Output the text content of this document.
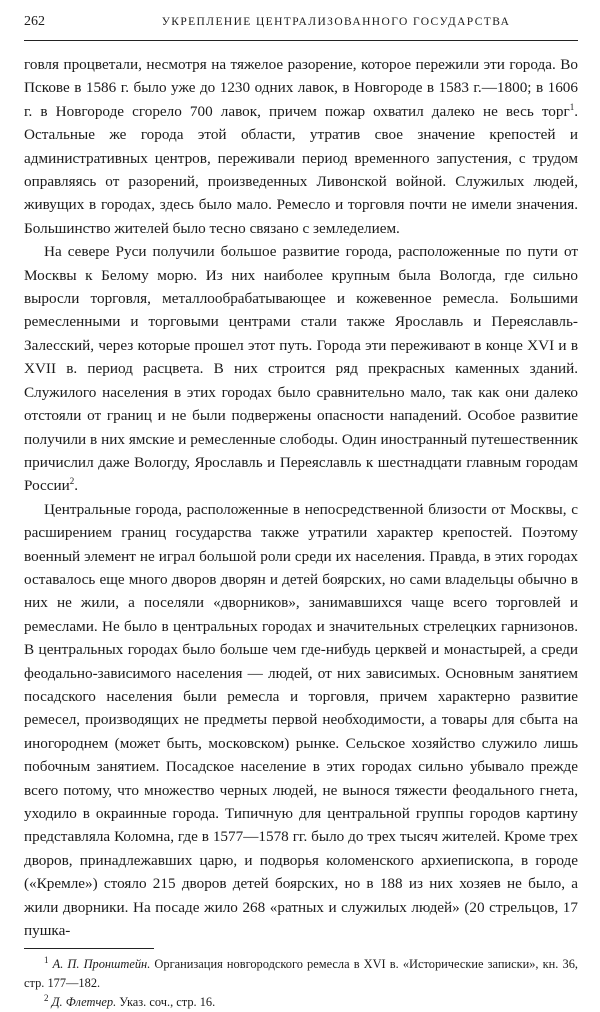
262	УКРЕПЛЕНИЕ ЦЕНТРАЛИЗОВАННОГО ГОСУДАРСТВА

говля процветали, несмотря на тяжелое разорение, которое пережили эти города. Во Пскове в 1586 г. было уже до 1230 одних лавок, в Новгороде в 1583 г.—1800; в 1606 г. в Новгороде сгорело 700 лавок, причем пожар охватил далеко не весь торг$^1$. Остальные же города этой области, утратив свое значение крепостей и административных центров, переживали период временного запустения, с трудом оправляясь от разорений, произведенных Ливонской войной. Служилых людей, живущих в городах, здесь было мало. Ремесло и торговля почти не имели значения. Большинство жителей было тесно связано с земледелием.

На севере Руси получили большое развитие города, расположенные по пути от Москвы к Белому морю. Из них наиболее крупным была Вологда, где сильно выросли торговля, металлообрабатывающее и кожевенное ремесла. Большими ремесленными и торговыми центрами стали также Ярославль и Переяславль-Залесский, через которые прошел этот путь. Города эти переживают в конце XVI и в XVII в. период расцвета. В них строится ряд прекрасных каменных зданий. Служилого населения в этих городах было сравнительно мало, так как они далеко отстояли от границ и не были подвержены опасности нападений. Особое развитие получили в них ямские и ремесленные слободы. Один иностранный путешественник причислил даже Вологду, Ярославль и Переяславль к шестнадцати главным городам России$^2$.

Центральные города, расположенные в непосредственной близости от Москвы, с расширением границ государства также утратили характер крепостей. Поэтому военный элемент не играл большой роли среди их населения. Правда, в этих городах оставалось еще много дворов дворян и детей боярских, но сами владельцы обычно в них не жили, а поселяли «дворников», занимавшихся чаще всего торговлей и ремеслами. Не было в центральных городах и значительных стрелецких гарнизонов. В центральных городах было больше чем где-нибудь церквей и монастырей, а среди феодально-зависимого населения — людей, от них зависимых. Основным занятием посадского населения были ремесла и торговля, причем характерно развитие ремесел, производящих не предметы первой необходимости, а товары для сбыта на иногороднем (может быть, московском) рынке. Сельское хозяйство служило лишь побочным занятием. Посадское население в этих городах сильно убывало прежде всего потому, что множество черных людей, не вынося тяжести феодального гнета, уходило в окраинные города. Типичную для центральной группы городов картину представляла Коломна, где в 1577—1578 гг. было до трех тысяч жителей. Кроме трех дворов, принадлежавших царю, и подворья коломенского архиепископа, в городе («Кремле») стояло 215 дворов детей боярских, но в 188 из них хозяев не было, а жили дворники. На посаде жило 268 «ратных и служилых людей» (20 стрельцов, 17 пушка-

$^1$ А. П. Пронштейн. Организация новгородского ремесла в XVI в. «Исторические записки», кн. 36, стр. 177—182.

$^2$ Д. Флетчер. Указ. соч., стр. 16.
